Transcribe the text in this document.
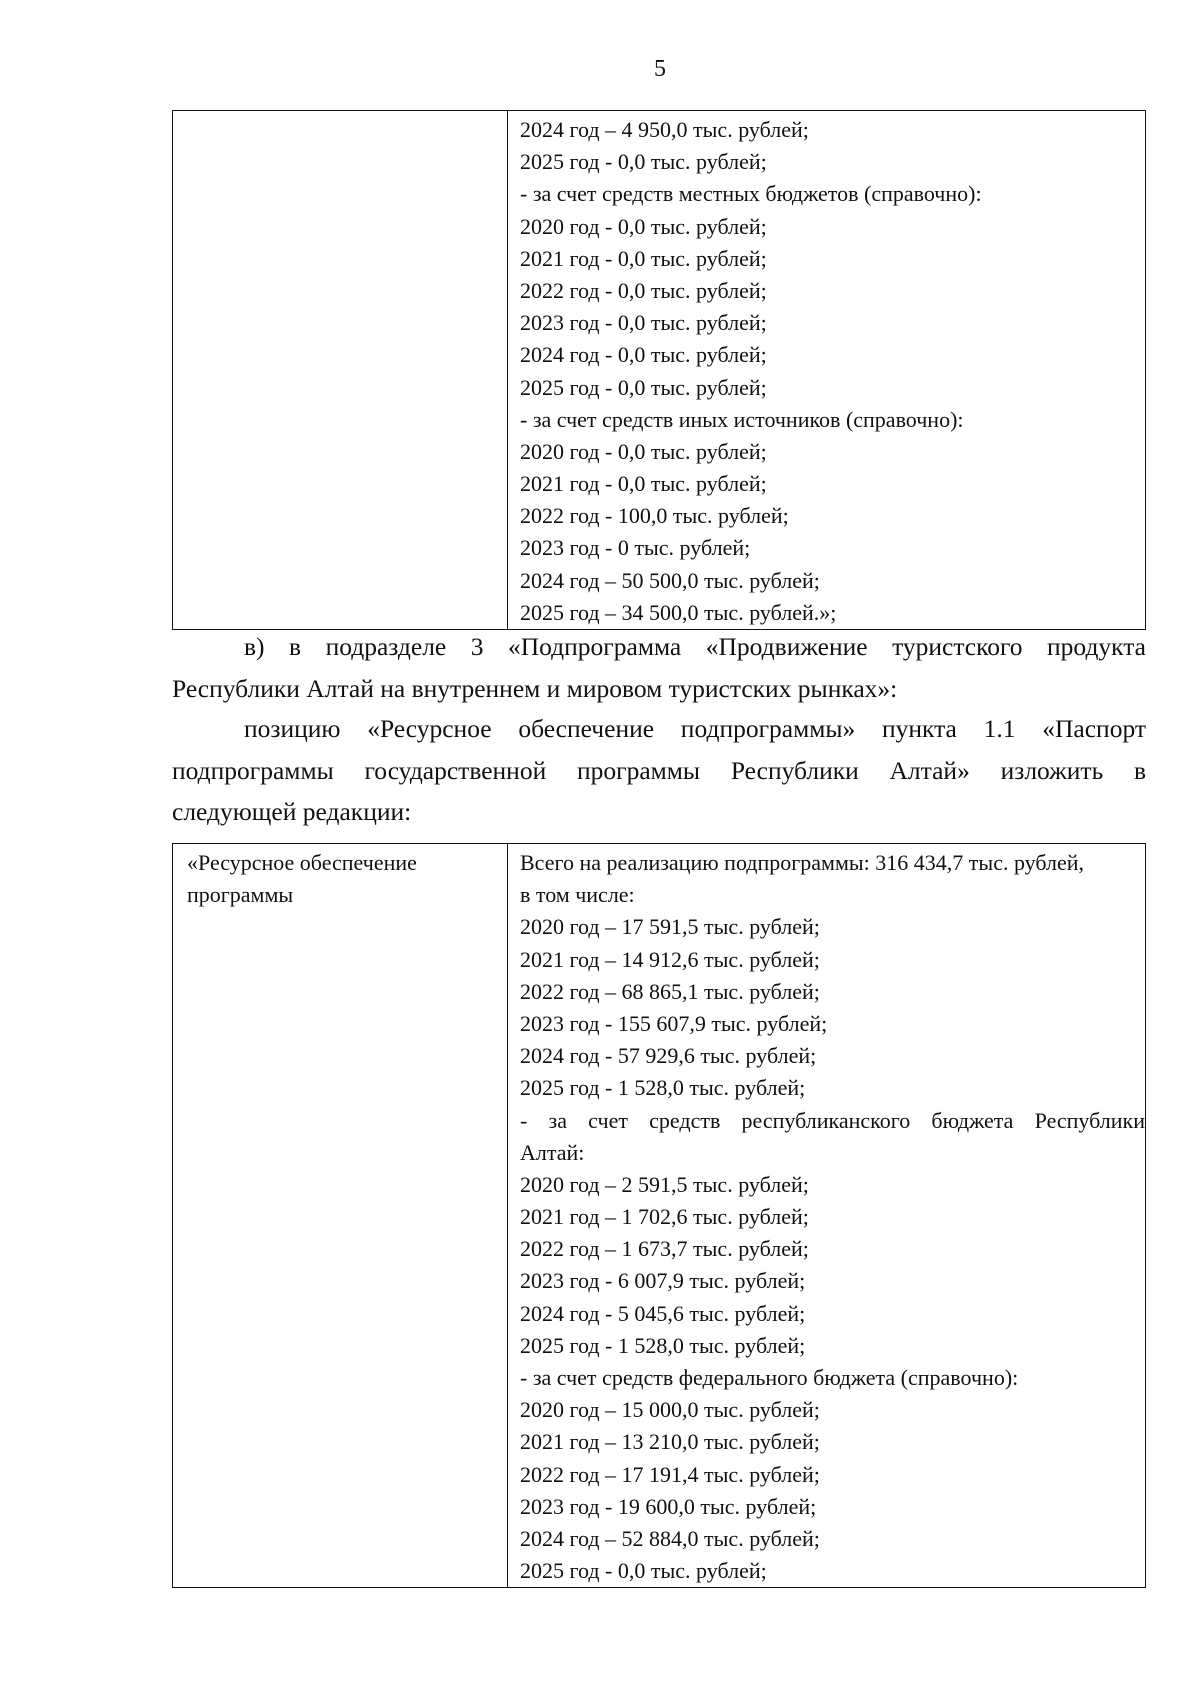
5

2024 год – 4 950,0 тыс. рублей;
2025 год - 0,0 тыс. рублей;
- за счет средств местных бюджетов (справочно):
2020 год - 0,0 тыс. рублей;
2021 год - 0,0 тыс. рублей;
2022 год - 0,0 тыс. рублей;
2023 год - 0,0 тыс. рублей;
2024 год - 0,0 тыс. рублей;
2025 год - 0,0 тыс. рублей;
- за счет средств иных источников (справочно):
2020 год - 0,0 тыс. рублей;
2021 год - 0,0 тыс. рублей;
2022 год - 100,0 тыс. рублей;
2023 год - 0 тыс. рублей;
2024 год – 50 500,0 тыс. рублей;
2025 год – 34 500,0 тыс. рублей.»;
в) в подразделе 3 «Подпрограмма «Продвижение туристского продукта
Республики Алтай на внутреннем и мировом туристских рынках»:
позицию «Ресурсное обеспечение подпрограммы» пункта 1.1 «Паспорт
подпрограммы государственной программы Республики Алтай» изложить в
следующей редакции:
«Ресурсное обеспечение
программы

Всего на реализацию подпрограммы: 316 434,7 тыс. рублей,
в том числе:
2020 год – 17 591,5 тыс. рублей;
2021 год – 14 912,6 тыс. рублей;
2022 год – 68 865,1 тыс. рублей;
2023 год - 155 607,9 тыс. рублей;
2024 год - 57 929,6 тыс. рублей;
2025 год - 1 528,0 тыс. рублей;
- за счет средств республиканского бюджета Республики
Алтай:
2020 год – 2 591,5 тыс. рублей;
2021 год – 1 702,6 тыс. рублей;
2022 год – 1 673,7 тыс. рублей;
2023 год - 6 007,9 тыс. рублей;
2024 год - 5 045,6 тыс. рублей;
2025 год - 1 528,0 тыс. рублей;
- за счет средств федерального бюджета (справочно):
2020 год – 15 000,0 тыс. рублей;
2021 год – 13 210,0 тыс. рублей;
2022 год – 17 191,4 тыс. рублей;
2023 год - 19 600,0 тыс. рублей;
2024 год – 52 884,0 тыс. рублей;
2025 год - 0,0 тыс. рублей;
